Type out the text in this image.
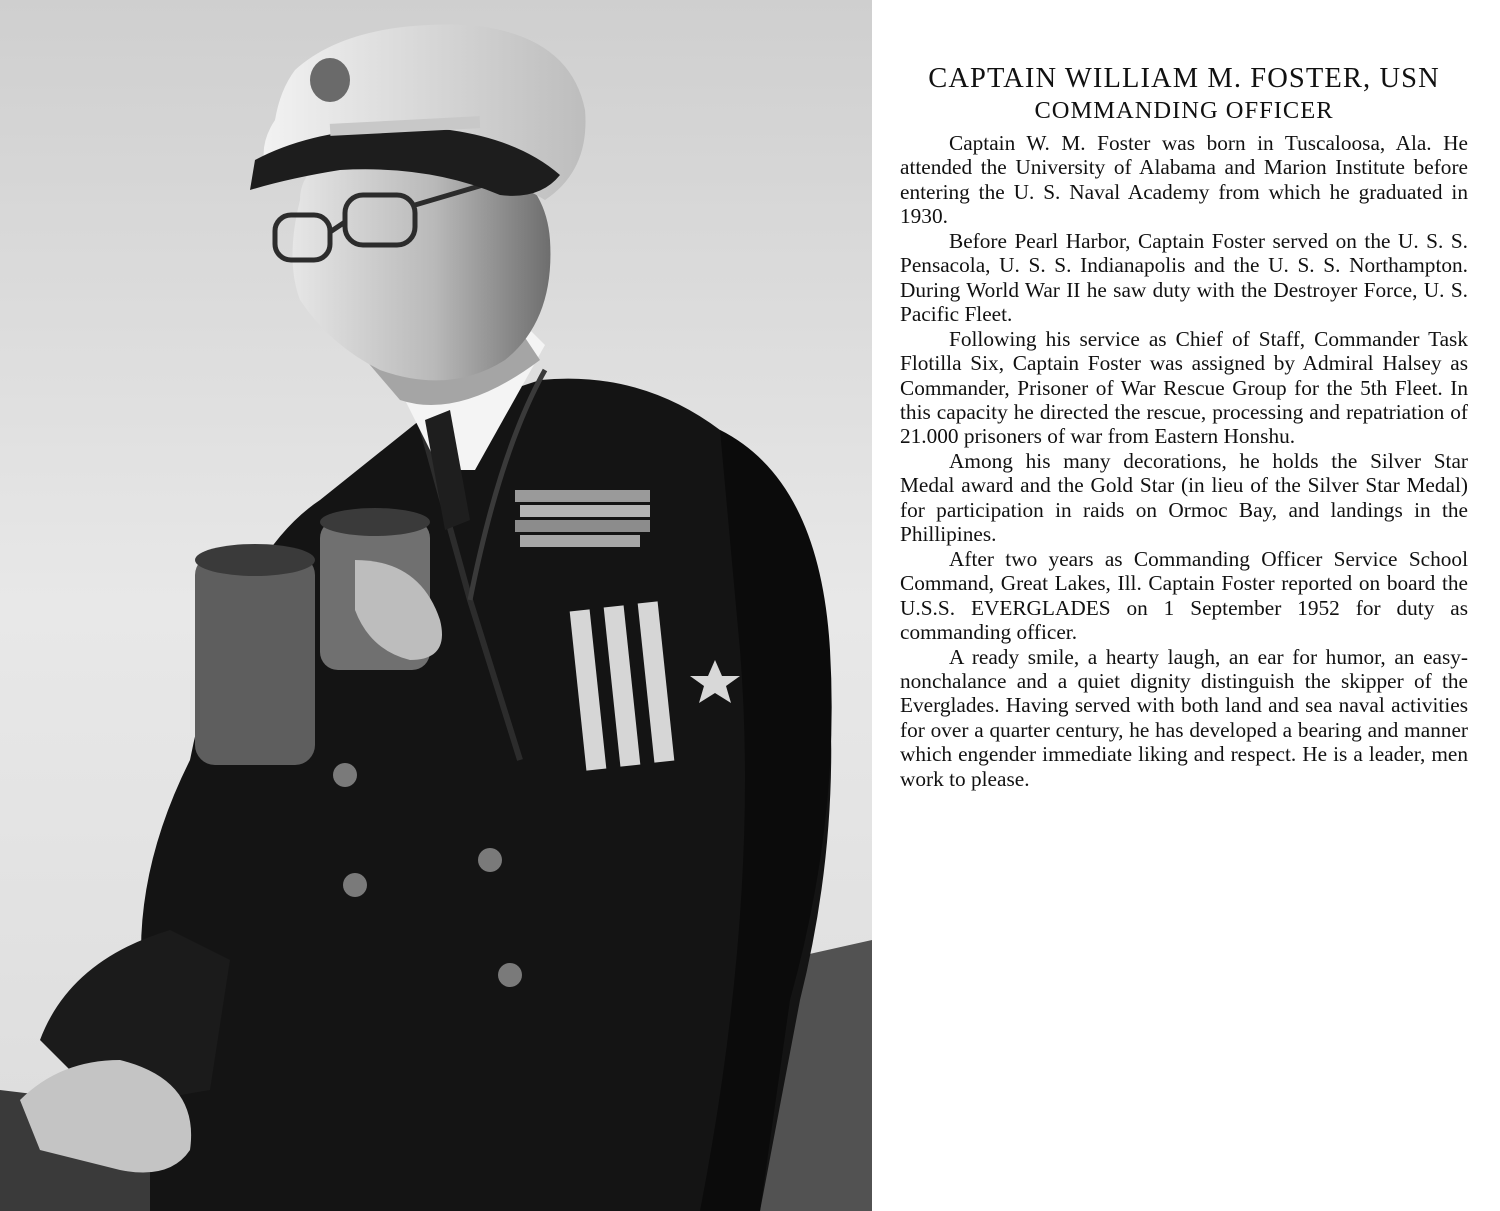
CAPTAIN WILLIAM M. FOSTER, USN
COMMANDING OFFICER

Captain W. M. Foster was born in Tuscaloosa, Ala. He attended the University of Alabama and Marion Institute before entering the U. S. Naval Academy from which he graduated in 1930.

Before Pearl Harbor, Captain Foster served on the U. S. S. Pensacola, U. S. S. Indianapolis and the U. S. S. Northampton. During World War II he saw duty with the Destroyer Force, U. S. Pacific Fleet.

Following his service as Chief of Staff, Commander Task Flotilla Six, Captain Foster was assigned by Admiral Halsey as Commander, Prisoner of War Rescue Group for the 5th Fleet. In this capacity he directed the rescue, processing and repatriation of 21.000 prisoners of war from Eastern Honshu.

Among his many decorations, he holds the Silver Star Medal award and the Gold Star (in lieu of the Silver Star Medal) for participation in raids on Ormoc Bay, and landings in the Phillipines.

After two years as Commanding Officer Service School Command, Great Lakes, Ill. Captain Foster reported on board the U.S.S. EVERGLADES on 1 September 1952 for duty as commanding officer.

A ready smile, a hearty laugh, an ear for humor, an easy-nonchalance and a quiet dignity distinguish the skipper of the Everglades. Having served with both land and sea naval activities for over a quarter century, he has developed a bearing and manner which engender immediate liking and respect. He is a leader, men work to please.
